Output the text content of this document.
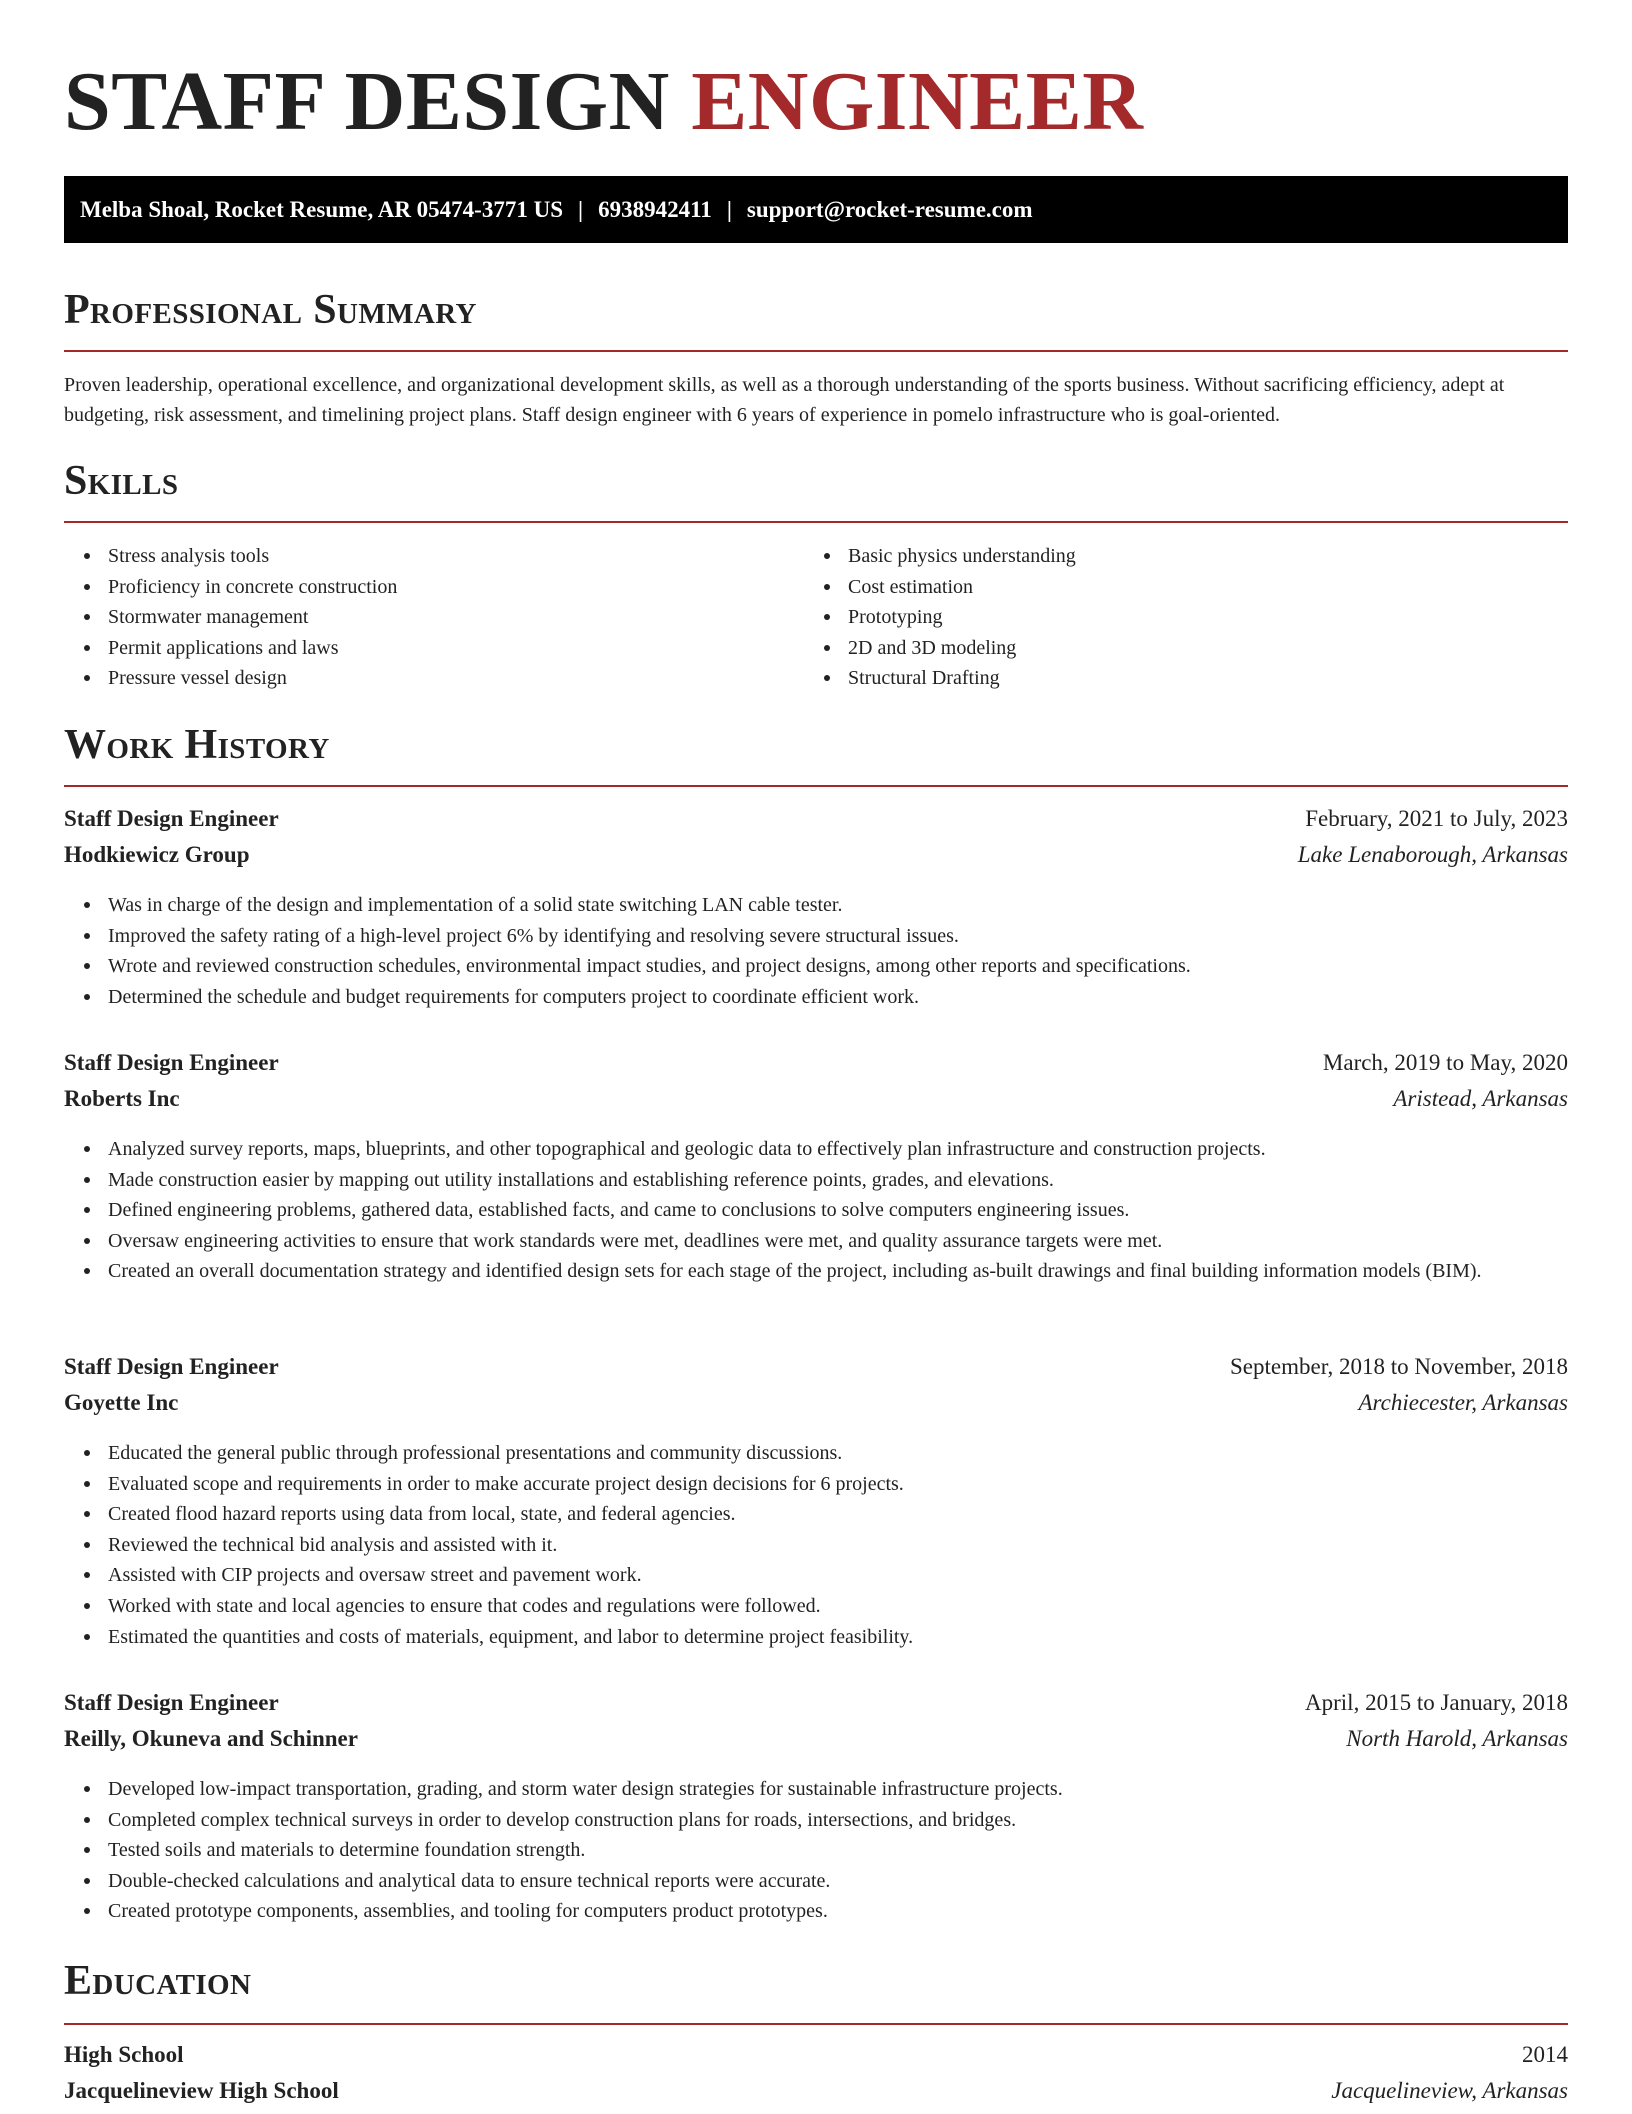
STAFF DESIGN ENGINEER
Melba Shoal, Rocket Resume, AR 05474-3771 US | 6938942411 | support@rocket-resume.com
Professional Summary

Proven leadership, operational excellence, and organizational development skills, as well as a thorough understanding of the sports business. Without sacrificing efficiency, adept at budgeting, risk assessment, and timelining project plans. Staff design engineer with 6 years of experience in pomelo infrastructure who is goal-oriented.

Skills
Stress analysis tools
Proficiency in concrete construction
Stormwater management
Permit applications and laws
Pressure vessel design
Basic physics understanding
Cost estimation
Prototyping
2D and 3D modeling
Structural Drafting
Work History
Staff Design Engineer	February, 2021 to July, 2023
Hodkiewicz Group	Lake Lenaborough, Arkansas
Was in charge of the design and implementation of a solid state switching LAN cable tester.
Improved the safety rating of a high-level project 6% by identifying and resolving severe structural issues.
Wrote and reviewed construction schedules, environmental impact studies, and project designs, among other reports and specifications.
Determined the schedule and budget requirements for computers project to coordinate efficient work.
Staff Design Engineer	March, 2019 to May, 2020
Roberts Inc	Aristead, Arkansas
Analyzed survey reports, maps, blueprints, and other topographical and geologic data to effectively plan infrastructure and construction projects.
Made construction easier by mapping out utility installations and establishing reference points, grades, and elevations.
Defined engineering problems, gathered data, established facts, and came to conclusions to solve computers engineering issues.
Oversaw engineering activities to ensure that work standards were met, deadlines were met, and quality assurance targets were met.
Created an overall documentation strategy and identified design sets for each stage of the project, including as-built drawings and final building information models (BIM).
Staff Design Engineer	September, 2018 to November, 2018
Goyette Inc	Archiecester, Arkansas
Educated the general public through professional presentations and community discussions.
Evaluated scope and requirements in order to make accurate project design decisions for 6 projects.
Created flood hazard reports using data from local, state, and federal agencies.
Reviewed the technical bid analysis and assisted with it.
Assisted with CIP projects and oversaw street and pavement work.
Worked with state and local agencies to ensure that codes and regulations were followed.
Estimated the quantities and costs of materials, equipment, and labor to determine project feasibility.
Staff Design Engineer	April, 2015 to January, 2018
Reilly, Okuneva and Schinner	North Harold, Arkansas
Developed low-impact transportation, grading, and storm water design strategies for sustainable infrastructure projects.
Completed complex technical surveys in order to develop construction plans for roads, intersections, and bridges.
Tested soils and materials to determine foundation strength.
Double-checked calculations and analytical data to ensure technical reports were accurate.
Created prototype components, assemblies, and tooling for computers product prototypes.
Education
High School	2014
Jacquelineview High School	Jacquelineview, Arkansas
